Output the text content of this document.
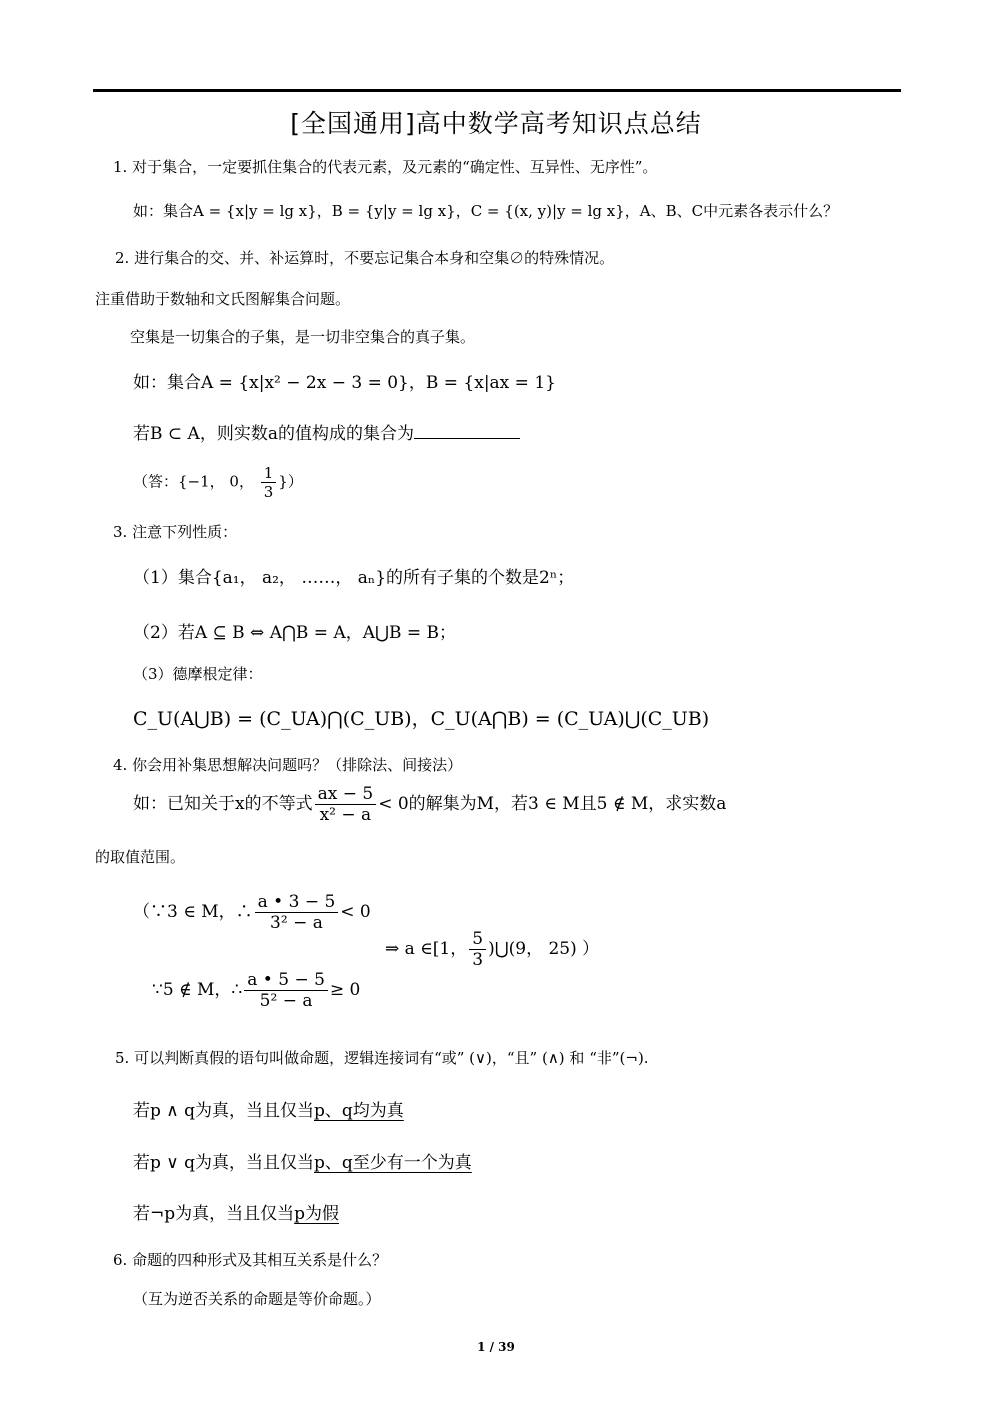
[全国通用]高中数学高考知识点总结
1. 对于集合，一定要抓住集合的代表元素，及元素的“确定性、互异性、无序性”。
如：集合A = {x|y = lg x}，B = {y|y = lg x}，C = {(x, y)|y = lg x}，A、B、C中元素各表示什么？
2. 进行集合的交、并、补运算时，不要忘记集合本身和空集∅的特殊情况。
注重借助于数轴和文氏图解集合问题。
空集是一切集合的子集，是一切非空集合的真子集。
如：集合A = {x|x² − 2x − 3 = 0}，B = {x|ax = 1}
若B ⊂ A，则实数a的值构成的集合为
（答：{−1， 0， $\frac{1}{3}$ }）
3. 注意下列性质：
（1）集合{a₁， a₂， ……， aₙ}的所有子集的个数是2ⁿ；
（2）若A ⊆ B ⇔ A⋂B = A，A⋃B = B；
（3）德摩根定律：
C_U(A⋃B) = (C_UA)⋂(C_UB)，C_U(A⋂B) = (C_UA)⋃(C_UB)
4. 你会用补集思想解决问题吗？（排除法、间接法）
如：已知关于x的不等式 $\frac{ax - 5}{\text{x² − a}} < 0$的解集为M，若3 ∈ M且5 ∉ M，求实数a
的取值范围。
（∵3 ∈ M，∴ $\frac{a • 3 - 5}{\text{3² − a}} < 0$
∵5 ∉ M，∴ $\frac{a • 5 - 5}{\text{5² − a}} \ge 0$
⇒ a ∈[1， $\frac{5}{3}$ )⋃(9， 25) ）
5. 可以判断真假的语句叫做命题，逻辑连接词有“或” (∨)，“且” (∧) 和 “非”(¬).
若p ∧ q为真，当且仅当p、q均为真
若p ∨ q为真，当且仅当p、q至少有一个为真
若¬p为真，当且仅当p为假
6. 命题的四种形式及其相互关系是什么？
（互为逆否关系的命题是等价命题。）
1 / 39
